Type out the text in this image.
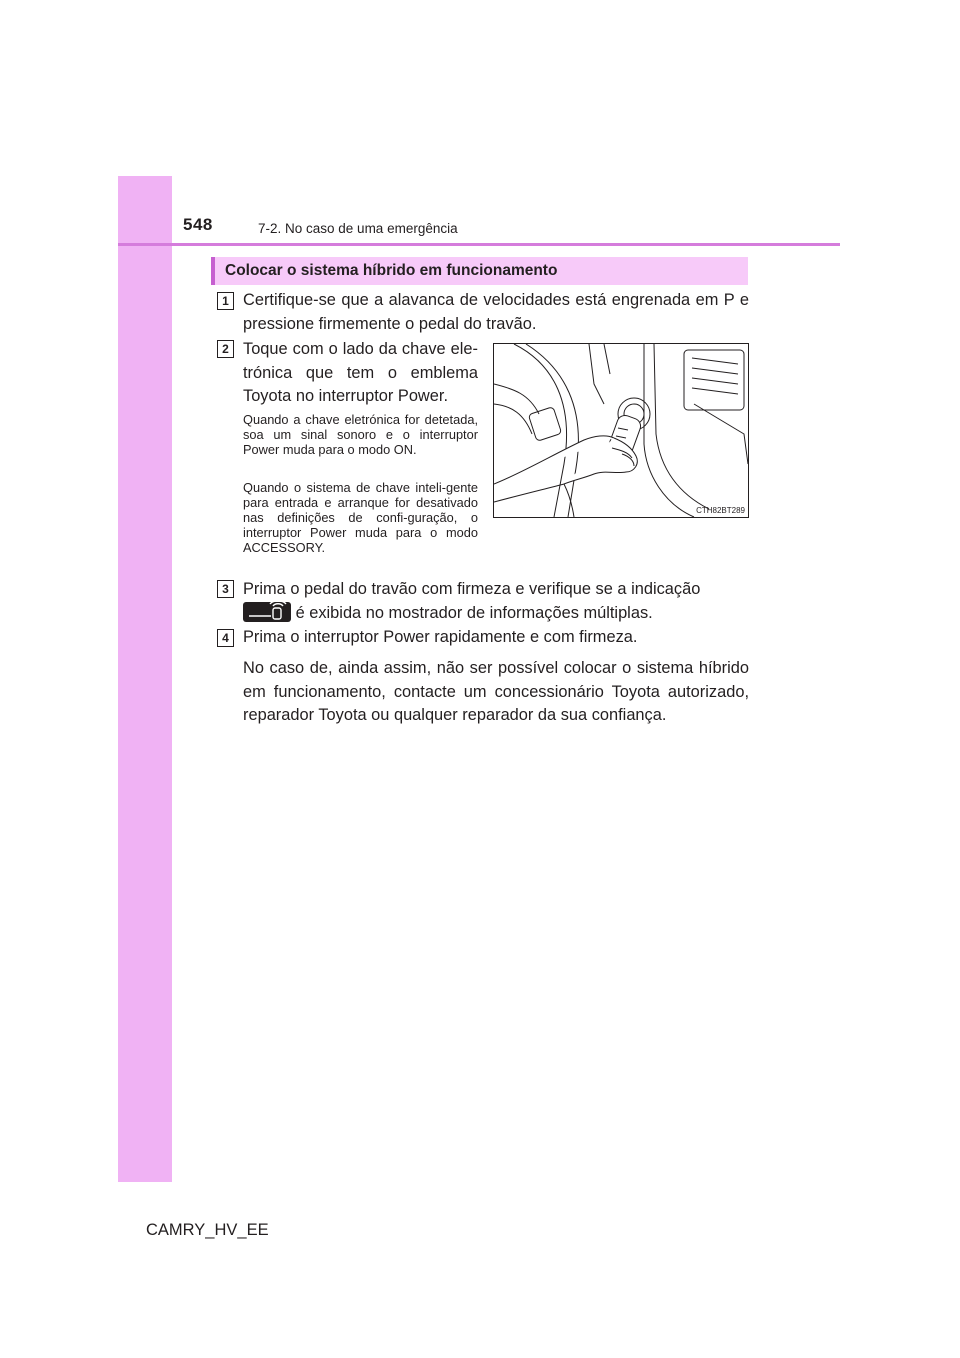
548	7-2. No caso de uma emergência
Colocar o sistema híbrido em funcionamento
1 Certifique-se que a alavanca de velocidades está engrenada em P e pressione firmemente o pedal do travão.
2 Toque com o lado da chave ele-trónica que tem o emblema Toyota no interruptor Power.
Quando a chave eletrónica for detetada, soa um sinal sonoro e o interruptor Power muda para o modo ON.
Quando o sistema de chave inteli-gente para entrada e arranque for desativado nas definições de confi-guração, o interruptor Power muda para o modo ACCESSORY.
CTH82BT289
3 Prima o pedal do travão com firmeza e verifique se a indicação
é exibida no mostrador de informações múltiplas.
4 Prima o interruptor Power rapidamente e com firmeza.
No caso de, ainda assim, não ser possível colocar o sistema híbrido em funcionamento, contacte um concessionário Toyota autorizado, reparador Toyota ou qualquer reparador da sua confiança.
CAMRY_HV_EE
